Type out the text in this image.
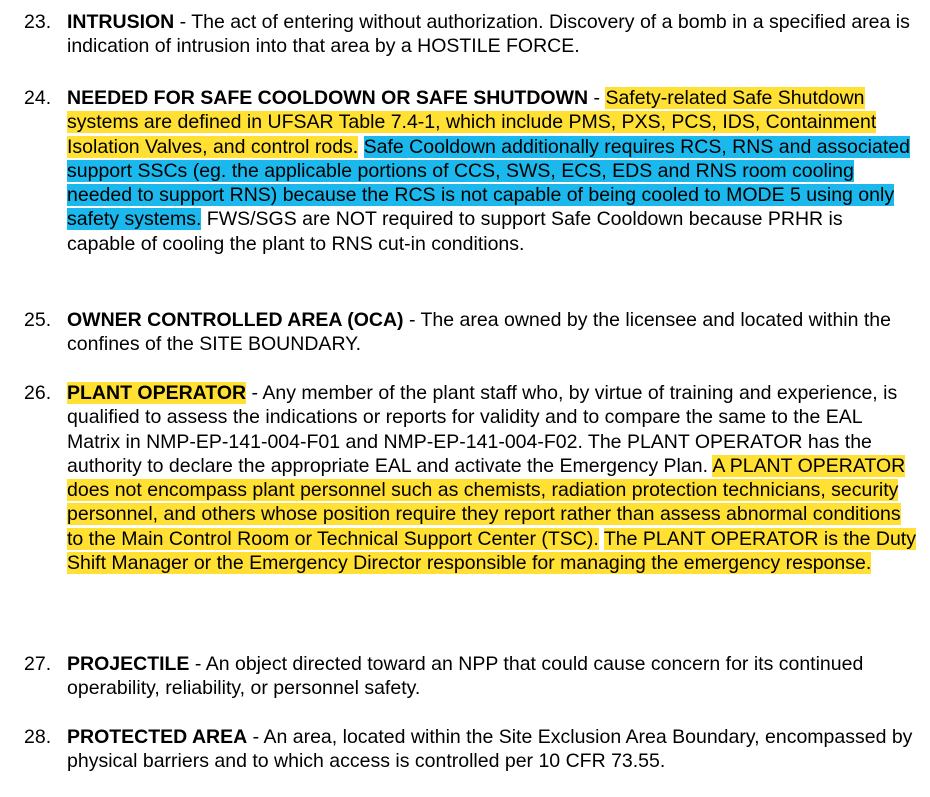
23. INTRUSION - The act of entering without authorization. Discovery of a bomb in a specified area is indication of intrusion into that area by a HOSTILE FORCE.
24. NEEDED FOR SAFE COOLDOWN OR SAFE SHUTDOWN - Safety-related Safe Shutdown systems are defined in UFSAR Table 7.4-1, which include PMS, PXS, PCS, IDS, Containment Isolation Valves, and control rods. Safe Cooldown additionally requires RCS, RNS and associated support SSCs (eg. the applicable portions of CCS, SWS, ECS, EDS and RNS room cooling needed to support RNS) because the RCS is not capable of being cooled to MODE 5 using only safety systems. FWS/SGS are NOT required to support Safe Cooldown because PRHR is capable of cooling the plant to RNS cut-in conditions.
25. OWNER CONTROLLED AREA (OCA) - The area owned by the licensee and located within the confines of the SITE BOUNDARY.
26. PLANT OPERATOR - Any member of the plant staff who, by virtue of training and experience, is qualified to assess the indications or reports for validity and to compare the same to the EAL Matrix in NMP-EP-141-004-F01 and NMP-EP-141-004-F02. The PLANT OPERATOR has the authority to declare the appropriate EAL and activate the Emergency Plan. A PLANT OPERATOR does not encompass plant personnel such as chemists, radiation protection technicians, security personnel, and others whose position require they report rather than assess abnormal conditions to the Main Control Room or Technical Support Center (TSC). The PLANT OPERATOR is the Duty Shift Manager or the Emergency Director responsible for managing the emergency response.
27. PROJECTILE - An object directed toward an NPP that could cause concern for its continued operability, reliability, or personnel safety.
28. PROTECTED AREA - An area, located within the Site Exclusion Area Boundary, encompassed by physical barriers and to which access is controlled per 10 CFR 73.55.
